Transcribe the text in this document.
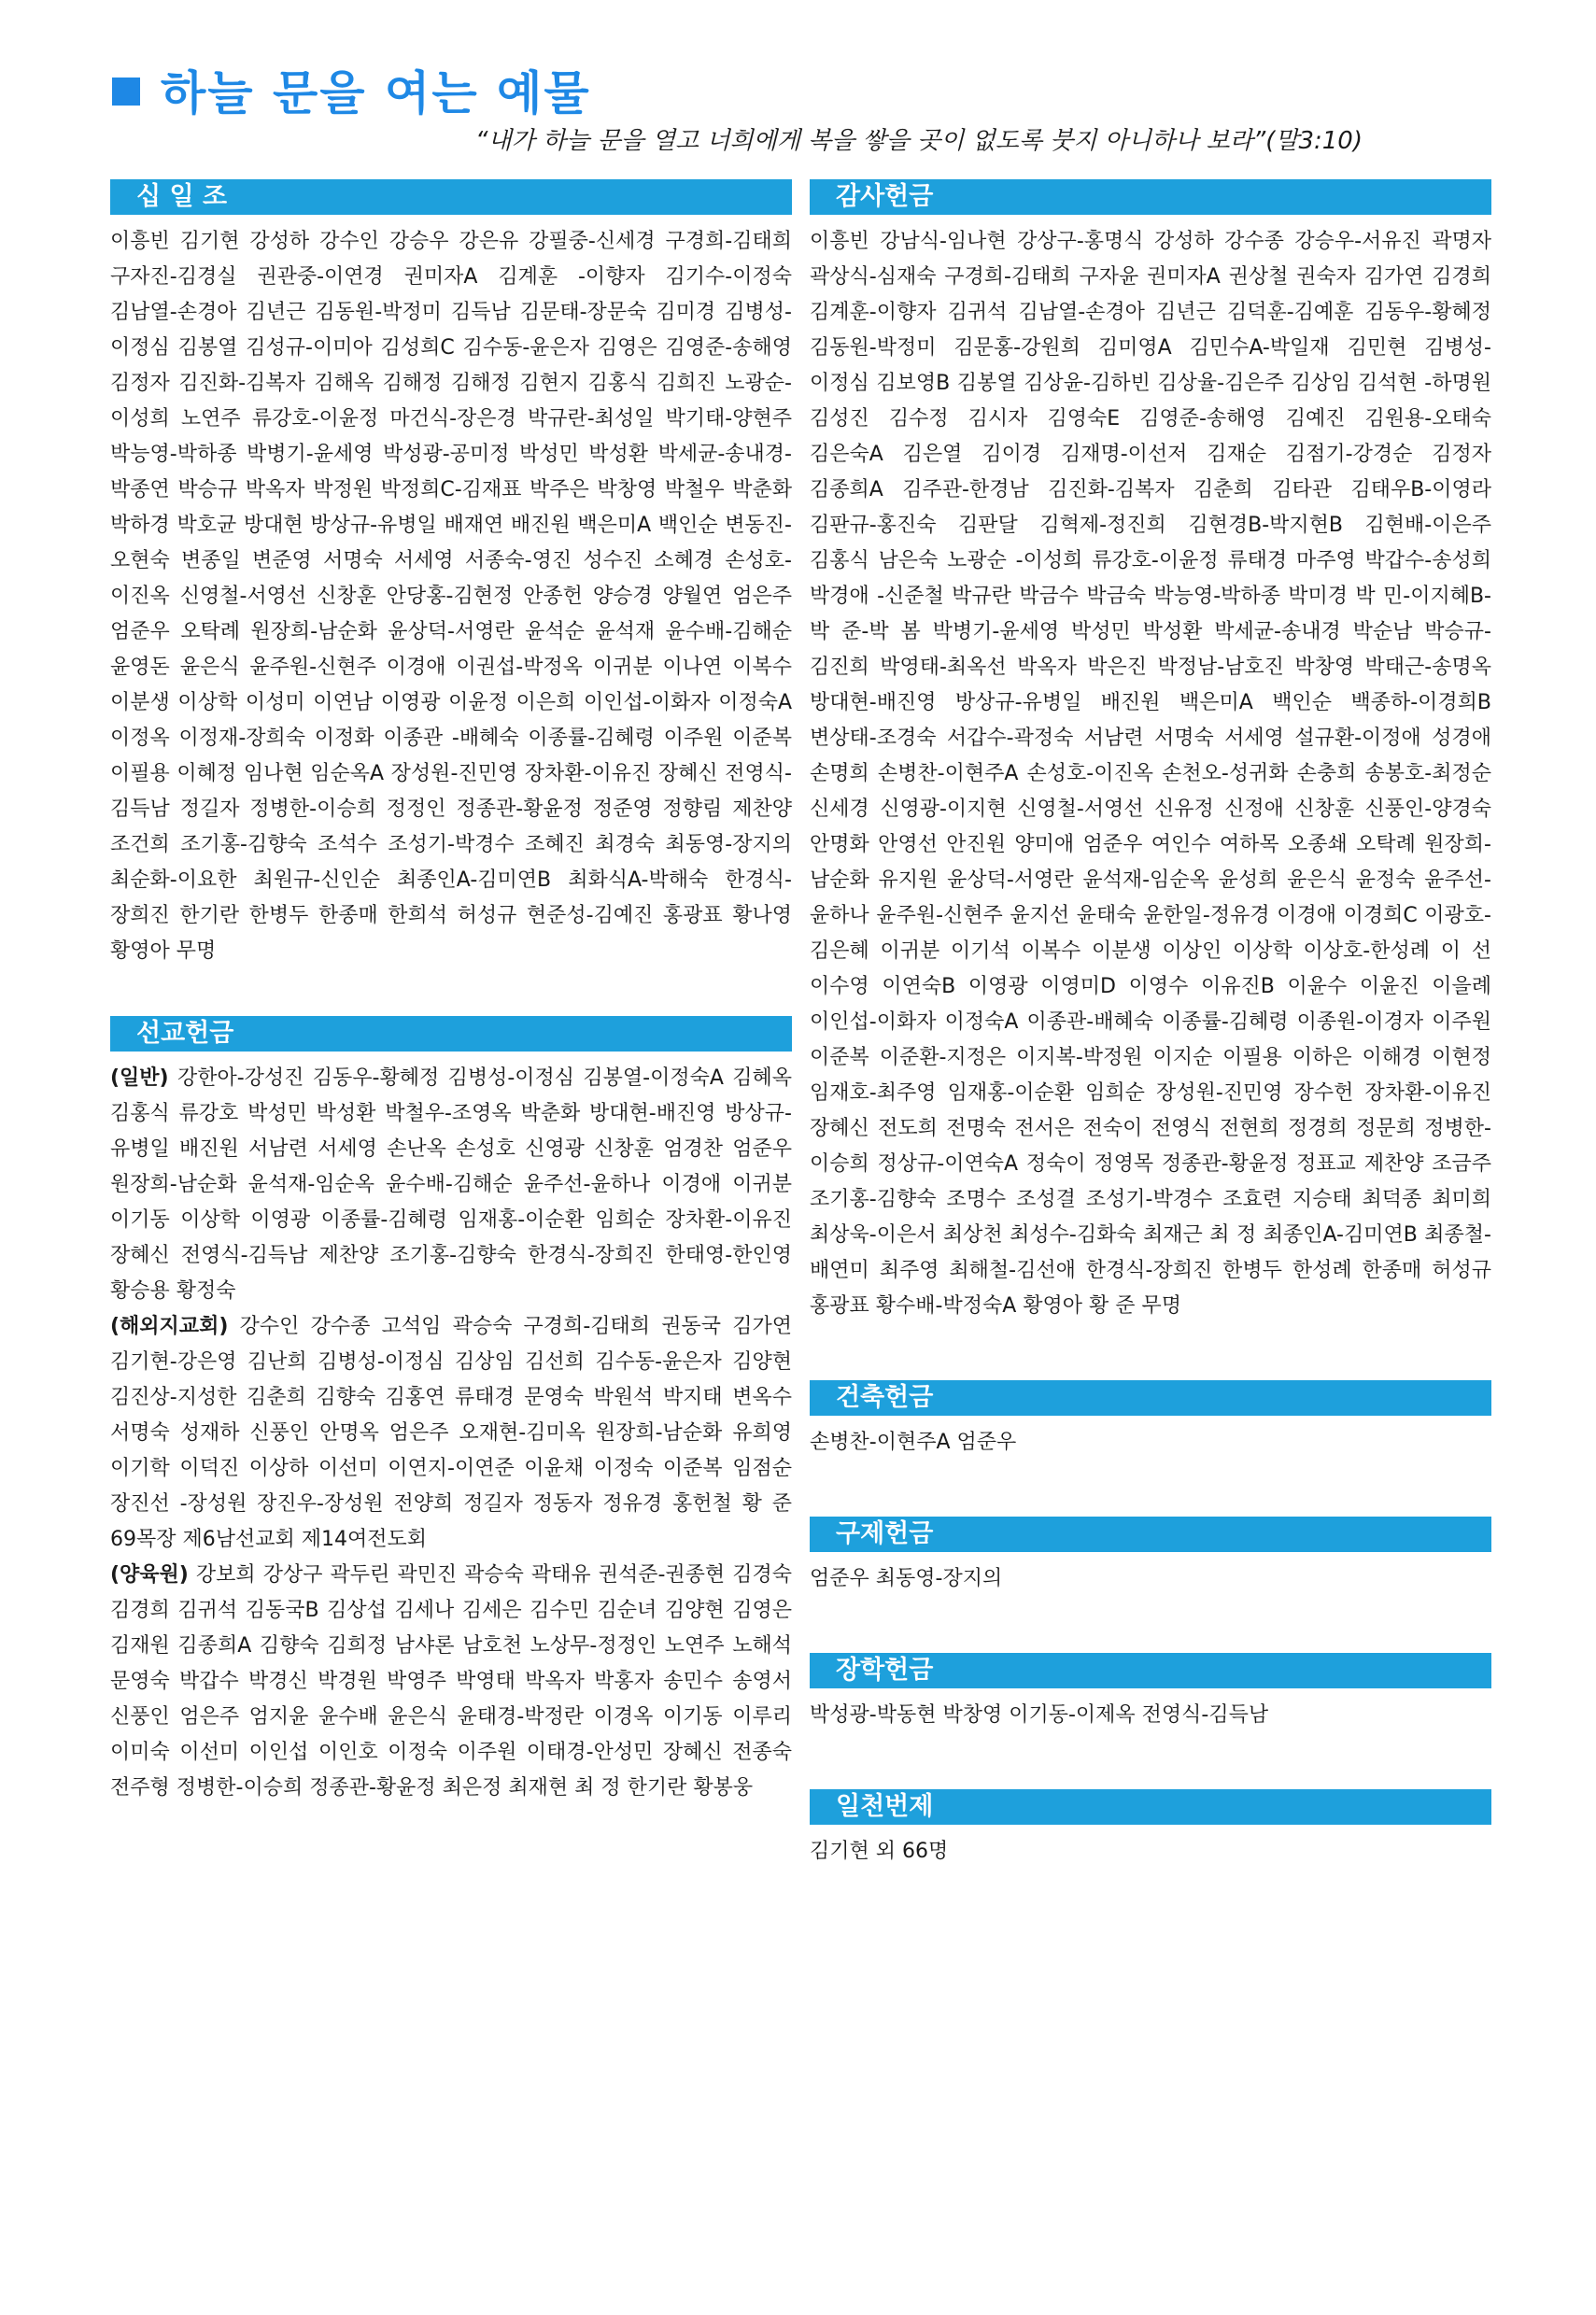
하늘 문을 여는 예물
“내가 하늘 문을 열고 너희에게 복을 쌓을 곳이 없도록 붓지 아니하나 보라”(말3:10)
십 일 조

이흥빈 김기현 강성하 강수인 강승우 강은유 강필중-신세경 구경희-김태희 구자진-김경실 권관중-이연경 권미자A 김계훈 -이향자 김기수-이정숙 김남열-손경아 김년근 김동원-박정미 김득남 김문태-장문숙 김미경 김병성-이정심 김봉열 김성규-이미아 김성희C 김수동-윤은자 김영은 김영준-송해영 김정자 김진화-김복자 김해옥 김해정 김해정 김현지 김홍식 김희진 노광순-이성희 노연주 류강호-이윤정 마건식-장은경 박규란-최성일 박기태-양현주 박능영-박하종 박병기-윤세영 박성광-공미정 박성민 박성환 박세균-송내경-박종연 박승규 박옥자 박정원 박정희C-김재표 박주은 박창영 박철우 박춘화 박하경 박호균 방대현 방상규-유병일 배재연 배진원 백은미A 백인순 변동진-오현숙 변종일 변준영 서명숙 서세영 서종숙-영진 성수진 소혜경 손성호-이진옥 신영철-서영선 신창훈 안당홍-김현정 안종헌 양승경 양월연 엄은주 엄준우 오탁례 원장희-남순화 윤상덕-서영란 윤석순 윤석재 윤수배-김해순 윤영돈 윤은식 윤주원-신현주 이경애 이권섭-박정옥 이귀분 이나연 이복수 이분생 이상학 이성미 이연남 이영광 이윤정 이은희 이인섭-이화자 이정숙A 이정옥 이정재-장희숙 이정화 이종관 -배혜숙 이종률-김혜령 이주원 이준복 이필용 이혜정 임나현 임순옥A 장성원-진민영 장차환-이유진 장혜신 전영식-김득남 정길자 정병한-이승희 정정인 정종관-황윤정 정준영 정향림 제찬양 조건희 조기홍-김향숙 조석수 조성기-박경수 조혜진 최경숙 최동영-장지의 최순화-이요한 최원규-신인순 최종인A-김미연B 최화식A-박해숙 한경식-장희진 한기란 한병두 한종매 한희석 허성규 현준성-김예진 홍광표 황나영 황영아 무명

선교헌금

(일반) 강한아-강성진 김동우-황혜정 김병성-이정심 김봉열-이정숙A 김혜옥 김홍식 류강호 박성민 박성환 박철우-조영옥 박춘화 방대현-배진영 방상규-유병일 배진원 서남련 서세영 손난옥 손성호 신영광 신창훈 엄경찬 엄준우 원장희-남순화 윤석재-임순옥 윤수배-김해순 윤주선-윤하나 이경애 이귀분 이기동 이상학 이영광 이종률-김혜령 임재홍-이순환 임희순 장차환-이유진 장혜신 전영식-김득남 제찬양 조기홍-김향숙 한경식-장희진 한태영-한인영 황승용 황정숙

(해외지교회) 강수인 강수종 고석임 곽승숙 구경희-김태희 권동국 김가연 김기현-강은영 김난희 김병성-이정심 김상임 김선희 김수동-윤은자 김양현 김진상-지성한 김춘희 김향숙 김홍연 류태경 문영숙 박원석 박지태 변옥수 서명숙 성재하 신풍인 안명옥 엄은주 오재현-김미옥 원장희-남순화 유희영 이기학 이덕진 이상하 이선미 이연지-이연준 이윤채 이정숙 이준복 임점순 장진선 -장성원 장진우-장성원 전양희 정길자 정동자 정유경 홍헌철 황 준 69목장 제6남선교회 제14여전도회

(양육원) 강보희 강상구 곽두린 곽민진 곽승숙 곽태유 권석준-권종현 김경숙 김경희 김귀석 김동국B 김상섭 김세나 김세은 김수민 김순녀 김양현 김영은 김재원 김종희A 김향숙 김희정 남샤론 남호천 노상무-정정인 노연주 노해석 문영숙 박갑수 박경신 박경원 박영주 박영태 박옥자 박홍자 송민수 송영서 신풍인 엄은주 엄지윤 윤수배 윤은식 윤태경-박정란 이경옥 이기동 이루리 이미숙 이선미 이인섭 이인호 이정숙 이주원 이태경-안성민 장혜신 전종숙 전주형 정병한-이승희 정종관-황윤정 최은정 최재현 최 정 한기란 황봉웅

감사헌금

이흥빈 강남식-임나현 강상구-홍명식 강성하 강수종 강승우-서유진 곽명자 곽상식-심재숙 구경희-김태희 구자윤 권미자A 권상철 권숙자 김가연 김경희 김계훈-이향자 김귀석 김남열-손경아 김년근 김덕훈-김예훈 김동우-황혜정 김동원-박정미 김문홍-강원희 김미영A 김민수A-박일재 김민현 김병성-이정심 김보영B 김봉열 김상윤-김하빈 김상율-김은주 김상임 김석현 -하명원 김성진 김수정 김시자 김영숙E 김영준-송해영 김예진 김원용-오태숙 김은숙A 김은열 김이경 김재명-이선저 김재순 김점기-강경순 김정자 김종희A 김주관-한경남 김진화-김복자 김춘희 김타관 김태우B-이영라 김판규-홍진숙 김판달 김혁제-정진희 김현경B-박지현B 김현배-이은주 김홍식 남은숙 노광순 -이성희 류강호-이윤정 류태경 마주영 박갑수-송성희 박경애 -신준철 박규란 박금수 박금숙 박능영-박하종 박미경 박 민-이지혜B-박 준-박 봄 박병기-윤세영 박성민 박성환 박세균-송내경 박순남 박승규-김진희 박영태-최옥선 박옥자 박은진 박정남-남호진 박창영 박태근-송명옥 방대현-배진영 방상규-유병일 배진원 백은미A 백인순 백종하-이경희B 변상태-조경숙 서갑수-곽정숙 서남련 서명숙 서세영 설규환-이정애 성경애 손명희 손병찬-이현주A 손성호-이진옥 손천오-성귀화 손충희 송봉호-최정순 신세경 신영광-이지현 신영철-서영선 신유정 신정애 신창훈 신풍인-양경숙 안명화 안영선 안진원 양미애 엄준우 여인수 여하목 오종쇄 오탁례 원장희-남순화 유지원 윤상덕-서영란 윤석재-임순옥 윤성희 윤은식 윤정숙 윤주선-윤하나 윤주원-신현주 윤지선 윤태숙 윤한일-정유경 이경애 이경희C 이광호-김은혜 이귀분 이기석 이복수 이분생 이상인 이상학 이상호-한성례 이 선 이수영 이연숙B 이영광 이영미D 이영수 이유진B 이윤수 이윤진 이을례 이인섭-이화자 이정숙A 이종관-배혜숙 이종률-김혜령 이종원-이경자 이주원 이준복 이준환-지정은 이지복-박정원 이지순 이필용 이하은 이해경 이현정 임재호-최주영 임재홍-이순환 임희순 장성원-진민영 장수헌 장차환-이유진 장혜신 전도희 전명숙 전서은 전숙이 전영식 전현희 정경희 정문희 정병한-이승희 정상규-이연숙A 정숙이 정영목 정종관-황윤정 정표교 제찬양 조금주 조기홍-김향숙 조명수 조성결 조성기-박경수 조효련 지승태 최덕종 최미희 최상욱-이은서 최상천 최성수-김화숙 최재근 최 정 최종인A-김미연B 최종철-배연미 최주영 최해철-김선애 한경식-장희진 한병두 한성례 한종매 허성규 홍광표 황수배-박정숙A 황영아 황 준 무명

건축헌금

손병찬-이현주A 엄준우

구제헌금

엄준우 최동영-장지의

장학헌금

박성광-박동현 박창영 이기동-이제옥 전영식-김득남

일천번제

김기현 외 66명
